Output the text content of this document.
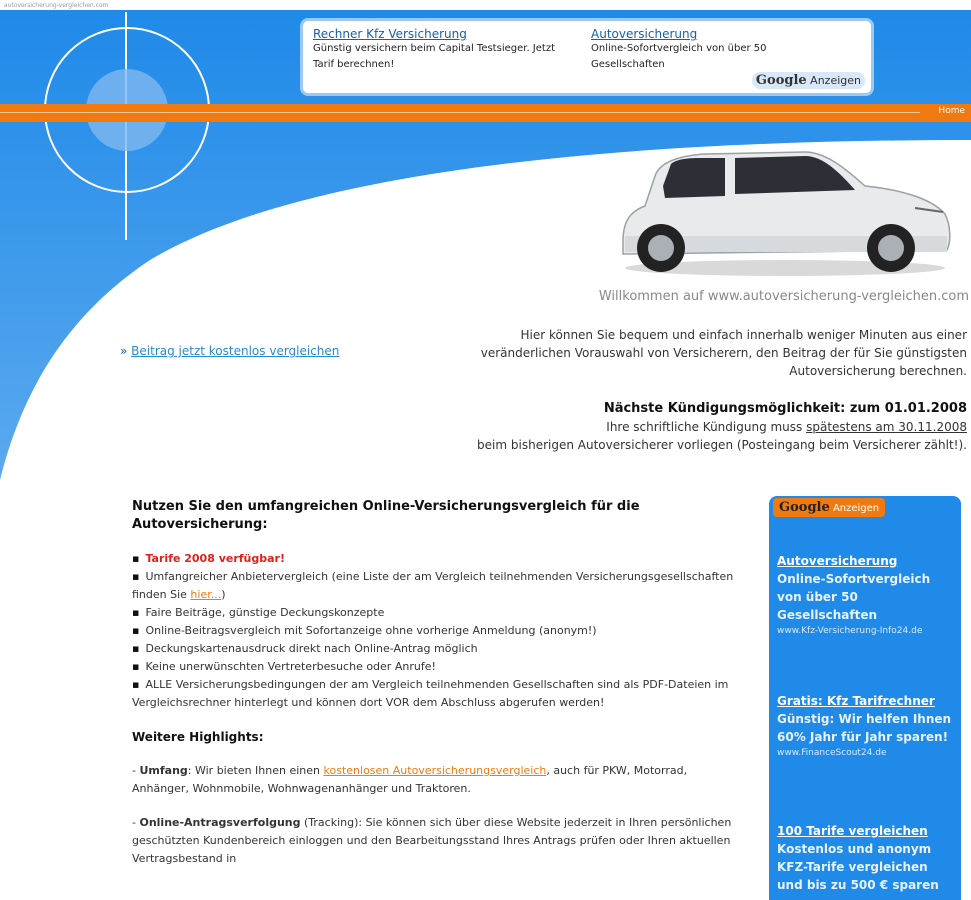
autoversicherung-vergleichen.com
Rechner Kfz Versicherung

Günstig versichern beim Capital Testsieger. Jetzt Tarif berechnen!

Autoversicherung

Online-Sofortvergleich von über 50 Gesellschaften

Google Anzeigen
Home
Willkommen auf www.autoversicherung-vergleichen.com
Hier können Sie bequem und einfach innerhalb weniger Minuten aus einer veränderlichen Vorauswahl von Versicherern, den Beitrag der für Sie günstigsten Autoversicherung berechnen.
» Beitrag jetzt kostenlos vergleichen
Nächste Kündigungsmöglichkeit: zum 01.01.2008
Ihre schriftliche Kündigung muss spätestens am 30.11.2008
beim bisherigen Autoversicherer vorliegen (Posteingang beim Versicherer zählt!).
Nutzen Sie den umfangreichen Online-Versicherungsvergleich für die Autoversicherung:
▪ Tarife 2008 verfügbar!
▪ Umfangreicher Anbietervergleich (eine Liste der am Vergleich teilnehmenden Versicherungsgesellschaften finden Sie hier...)
▪ Faire Beiträge, günstige Deckungskonzepte
▪ Online-Beitragsvergleich mit Sofortanzeige ohne vorherige Anmeldung (anonym!)
▪ Deckungskartenausdruck direkt nach Online-Antrag möglich
▪ Keine unerwünschten Vertreterbesuche oder Anrufe!
▪ ALLE Versicherungsbedingungen der am Vergleich teilnehmenden Gesellschaften sind als PDF-Dateien im Vergleichsrechner hinterlegt und können dort VOR dem Abschluss abgerufen werden!
Weitere Highlights:

- Umfang: Wir bieten Ihnen einen kostenlosen Autoversicherungsvergleich, auch für PKW, Motorrad, Anhänger, Wohnmobile, Wohnwagenanhänger und Traktoren.

- Online-Antragsverfolgung (Tracking): Sie können sich über diese Website jederzeit in Ihren persönlichen geschützten Kundenbereich einloggen und den Bearbeitungsstand Ihres Antrags prüfen oder Ihren aktuellen Vertragsbestand in

Google Anzeigen
Autoversicherung

Online-Sofortvergleich von über 50 Gesellschaften

www.Kfz-Versicherung-Info24.de
Gratis: Kfz Tarifrechner

Günstig: Wir helfen Ihnen 60% Jahr für Jahr sparen!

www.FinanceScout24.de
100 Tarife vergleichen

Kostenlos und anonym KFZ-Tarife vergleichen und bis zu 500 € sparen
